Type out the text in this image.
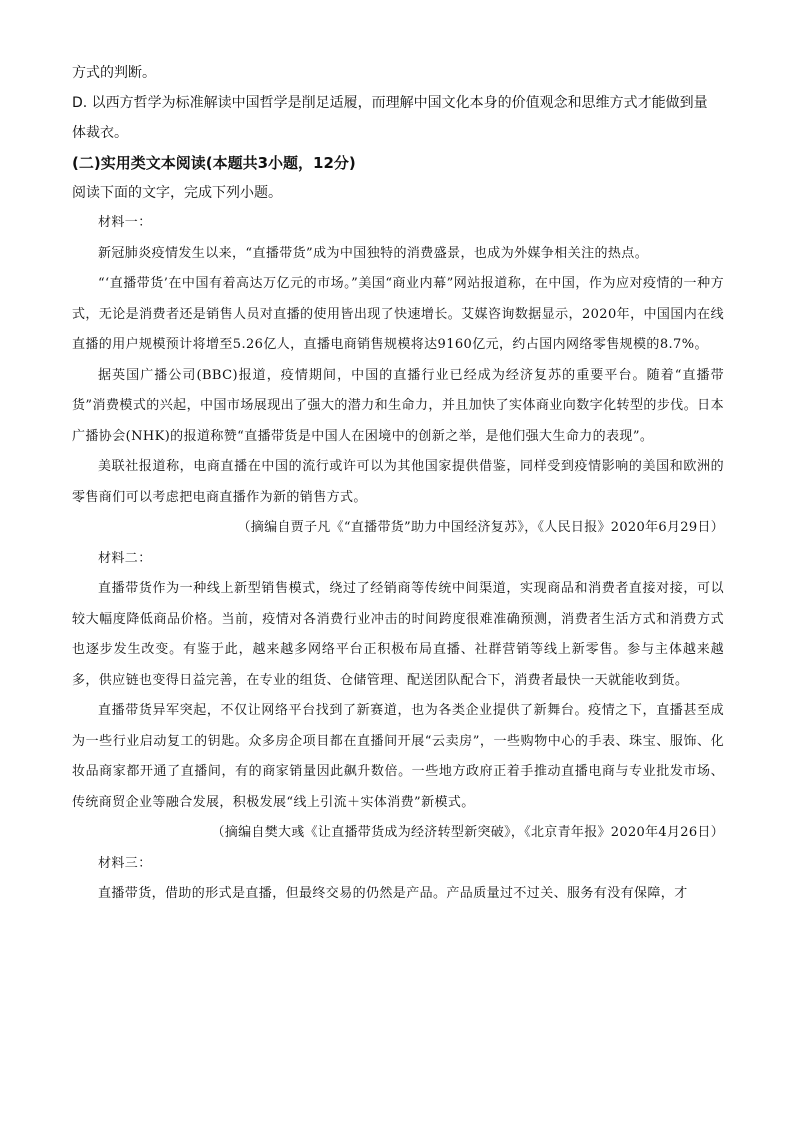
方式的判断。
D. 以西方哲学为标准解读中国哲学是削足适履，而理解中国文化本身的价值观念和思维方式才能做到量
体裁衣。
(二)实用类文本阅读(本题共3小题，12分)
阅读下面的文字，完成下列小题。

材料一：

新冠肺炎疫情发生以来，“直播带货”成为中国独特的消费盛景，也成为外媒争相关注的热点。

“‘直播带货’在中国有着高达万亿元的市场。”美国“商业内幕”网站报道称，在中国，作为应对疫情的一种方式，无论是消费者还是销售人员对直播的使用皆出现了快速增长。艾媒咨询数据显示，2020年，中国国内在线直播的用户规模预计将增至5.26亿人，直播电商销售规模将达9160亿元，约占国内网络零售规模的8.7%。

据英国广播公司(BBC)报道，疫情期间，中国的直播行业已经成为经济复苏的重要平台。随着“直播带货”消费模式的兴起，中国市场展现出了强大的潜力和生命力，并且加快了实体商业向数字化转型的步伐。日本广播协会(NHK)的报道称赞“直播带货是中国人在困境中的创新之举，是他们强大生命力的表现”。

美联社报道称，电商直播在中国的流行或许可以为其他国家提供借鉴，同样受到疫情影响的美国和欧洲的零售商们可以考虑把电商直播作为新的销售方式。

（摘编自贾子凡《“直播带货”助力中国经济复苏》，《人民日报》2020年6月29日）

材料二：

直播带货作为一种线上新型销售模式，绕过了经销商等传统中间渠道，实现商品和消费者直接对接，可以较大幅度降低商品价格。当前，疫情对各消费行业冲击的时间跨度很难准确预测，消费者生活方式和消费方式也逐步发生改变。有鉴于此，越来越多网络平台正积极布局直播、社群营销等线上新零售。参与主体越来越多，供应链也变得日益完善，在专业的组货、仓储管理、配送团队配合下，消费者最快一天就能收到货。

直播带货异军突起，不仅让网络平台找到了新赛道，也为各类企业提供了新舞台。疫情之下，直播甚至成为一些行业启动复工的钥匙。众多房企项目都在直播间开展“云卖房”，一些购物中心的手表、珠宝、服饰、化妆品商家都开通了直播间，有的商家销量因此飙升数倍。一些地方政府正着手推动直播电商与专业批发市场、传统商贸企业等融合发展，积极发展“线上引流＋实体消费”新模式。

（摘编自樊大彧《让直播带货成为经济转型新突破》，《北京青年报》2020年4月26日）

材料三：

直播带货，借助的形式是直播，但最终交易的仍然是产品。产品质量过不过关、服务有没有保障，才
